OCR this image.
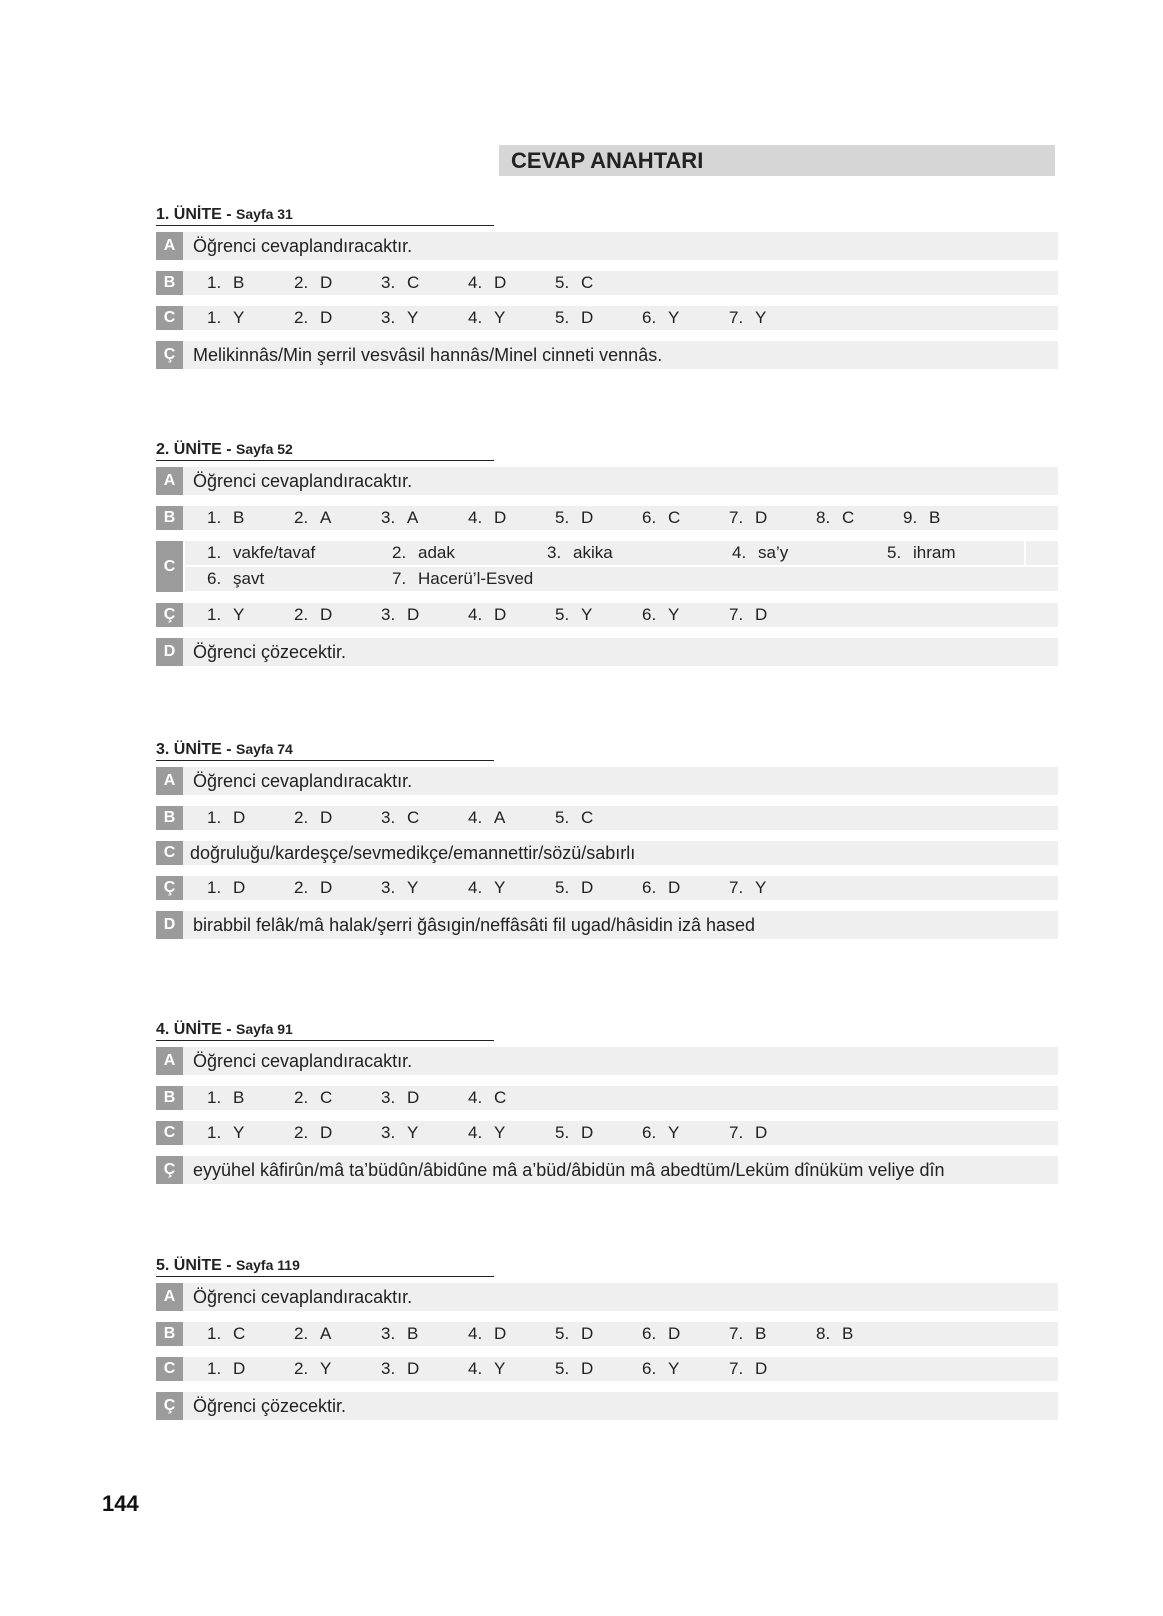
CEVAP ANAHTARI
1. ÜNİTE - Sayfa 31
A Öğrenci cevaplandıracaktır.
B	1. B	2. D	3. C	4. D	5. C
C	1. Y	2. D	3. Y	4. Y	5. D	6. Y	7. Y
Ç Melikinnâs/Min şerril vesvâsil hannâs/Minel cinneti vennâs.
2. ÜNİTE - Sayfa 52
A Öğrenci cevaplandıracaktır.
B	1. B	2. A	3. A	4. D	5. D	6. C	7. D	8. C	9. B
C
1. vakfe/tavaf	2. adak	3. akika	4. sa’y	5. ihram
6. şavt	7. Hacerü’l-Esved
Ç	1. Y	2. D	3. D	4. D	5. Y	6. Y	7. D
D Öğrenci çözecektir.
3. ÜNİTE - Sayfa 74
A Öğrenci cevaplandıracaktır.
B	1. D	2. D	3. C	4. A	5. C
C doğruluğu/kardeşçe/sevmedikçe/emannettir/sözü/sabırlı
Ç	1. D	2. D	3. Y	4. Y	5. D	6. D	7. Y
D birabbil felâk/mâ halak/şerri ğâsıgin/neffâsâti fil ugad/hâsidin izâ hased
4. ÜNİTE - Sayfa 91
A Öğrenci cevaplandıracaktır.
B	1. B	2. C	3. D	4. C
C	1. Y	2. D	3. Y	4. Y	5. D	6. Y	7. D
Ç eyyühel kâfirûn/mâ ta’büdûn/âbidûne mâ a’büd/âbidün mâ abedtüm/Leküm dînüküm veliye dîn
5. ÜNİTE - Sayfa 119
A Öğrenci cevaplandıracaktır.
B	1. C	2. A	3. B	4. D	5. D	6. D	7. B	8. B
C	1. D	2. Y	3. D	4. Y	5. D	6. Y	7. D
Ç Öğrenci çözecektir.
144
